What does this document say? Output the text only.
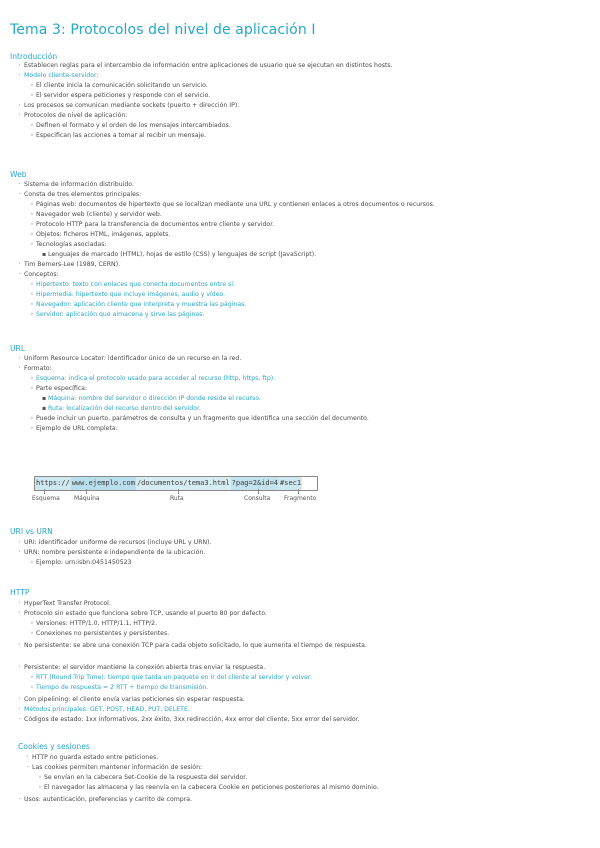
Tema 3: Protocolos del nivel de aplicación I
Introducción
· Establecen reglas para el intercambio de información entre aplicaciones de usuario que se ejecutan en distintos hosts.
· Modelo cliente-servidor:
◦ El cliente inicia la comunicación solicitando un servicio.
◦ El servidor espera peticiones y responde con el servicio.
· Los procesos se comunican mediante sockets (puerto + dirección IP).
· Protocolos de nivel de aplicación:
◦ Definen el formato y el orden de los mensajes intercambiados.
◦ Especifican las acciones a tomar al recibir un mensaje.
Web
· Sistema de información distribuido.
· Consta de tres elementos principales:
◦ Páginas web: documentos de hipertexto que se localizan mediante una URL y contienen enlaces a otros documentos o recursos.
◦ Navegador web (cliente) y servidor web.
◦ Protocolo HTTP para la transferencia de documentos entre cliente y servidor.
◦ Objetos: ficheros HTML, imágenes, applets.
◦ Tecnologías asociadas:
▪ Lenguajes de marcado (HTML), hojas de estilo (CSS) y lenguajes de script (JavaScript).
· Tim Berners-Lee (1989, CERN).
· Conceptos:
◦ Hipertexto: texto con enlaces que conecta documentos entre sí.
◦ Hipermedia: hipertexto que incluye imágenes, audio y vídeo.
◦ Navegador: aplicación cliente que interpreta y muestra las páginas.
◦ Servidor: aplicación que almacena y sirve las páginas.
URL
· Uniform Resource Locator: identificador único de un recurso en la red.
· Formato:
◦ Esquema: indica el protocolo usado para acceder al recurso (http, https, ftp).
◦ Parte específica:
▪ Máquina: nombre del servidor o dirección IP donde reside el recurso.
▪ Ruta: localización del recurso dentro del servidor.
◦ Puede incluir un puerto, parámetros de consulta y un fragmento que identifica una sección del documento.
◦ Ejemplo de URL completa:
https:// www.ejemplo.com /documentos/tema3.html ?pag=2&id=4 #sec1
Esquema Máquina	Ruta	Consulta Fragmento
URI vs URN
· URI: identificador uniforme de recursos (incluye URL y URN).
· URN: nombre persistente e independiente de la ubicación.
◦ Ejemplo: urn:isbn:0451450523
HTTP
· HyperText Transfer Protocol.
· Protocolo sin estado que funciona sobre TCP, usando el puerto 80 por defecto.
◦ Versiones: HTTP/1.0, HTTP/1.1, HTTP/2.
◦ Conexiones no persistentes y persistentes.
· No persistente: se abre una conexión TCP para cada objeto solicitado, lo que aumenta el tiempo de respuesta.
· Persistente: el servidor mantiene la conexión abierta tras enviar la respuesta.
◦ RTT (Round Trip Time): tiempo que tarda un paquete en ir del cliente al servidor y volver.
◦ Tiempo de respuesta = 2 RTT + tiempo de transmisión.
· Con pipelining: el cliente envía varias peticiones sin esperar respuesta.
· Métodos principales: GET, POST, HEAD, PUT, DELETE.
· Códigos de estado: 1xx informativos, 2xx éxito, 3xx redirección, 4xx error del cliente, 5xx error del servidor.
Cookies y sesiones
· HTTP no guarda estado entre peticiones.
· Las cookies permiten mantener información de sesión:
◦ Se envían en la cabecera Set-Cookie de la respuesta del servidor.
◦ El navegador las almacena y las reenvía en la cabecera Cookie en peticiones posteriores al mismo dominio.
· Usos: autenticación, preferencias y carrito de compra.
